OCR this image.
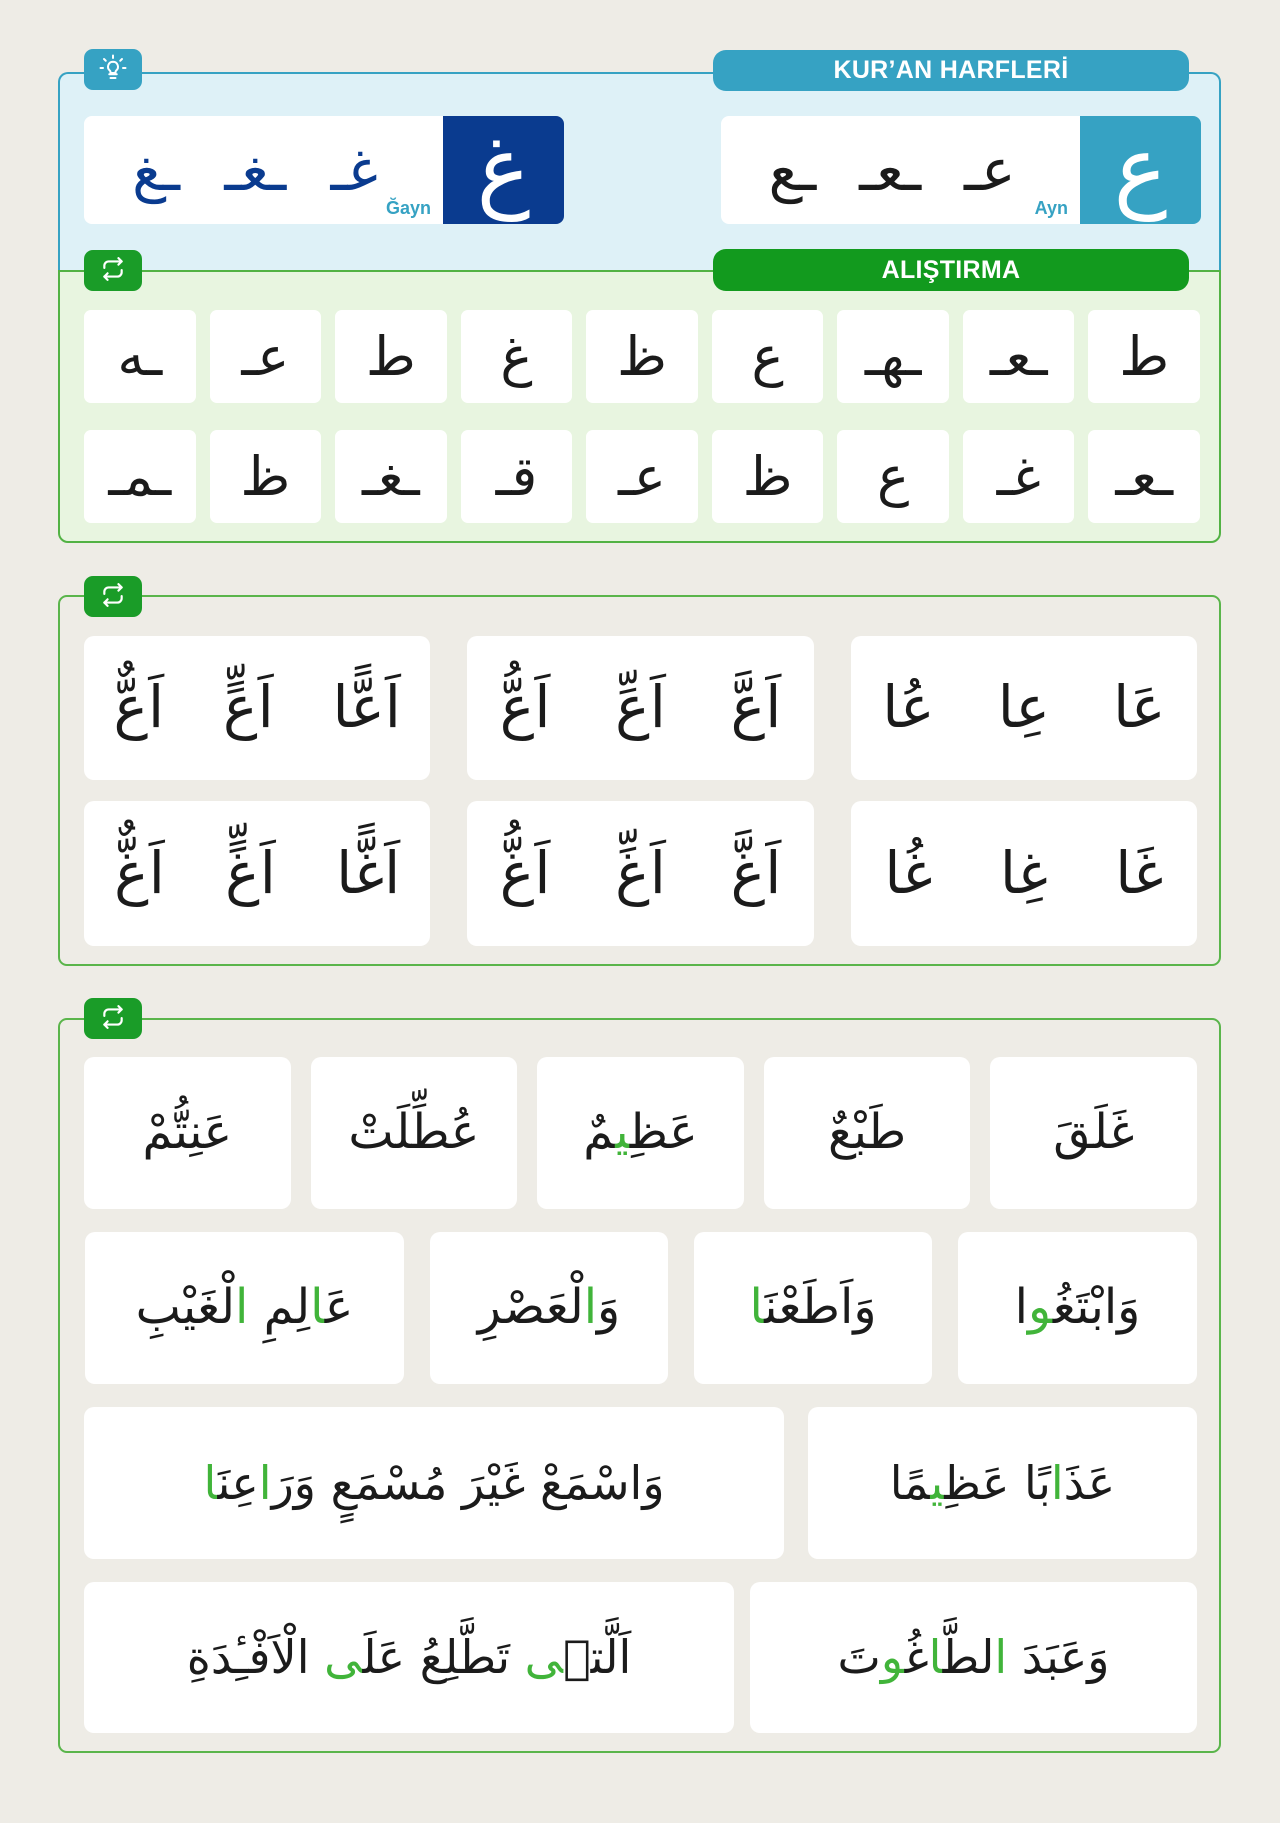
KUR’AN HARFLERİ
عـ
ـعـ
ـع
Ayn ع
غـ
ـغـ
ـغ
Ğayn غ
ALIŞTIRMA
ط
ـعـ
ـهـ
ع
ظ
غ
ط
عـ
ـه
ـعـ
غـ
ع
ظ
عـ
قـ
ـغـ
ظ
ـمـ
عَا
عِا
عُا
اَعَّ
اَعِّ
اَعُّ
اَعًّا
اَعٍّ
اَعٌّ
غَا
غِا
غُا
اَغَّ
اَغِّ
اَغُّ
اَغًّا
اَغٍّ
اَغٌّ
غَلَقَ
طَبْعٌ
عَظِيمٌ
عُطِّلَتْ
عَنِتُّمْ
وَابْتَغُوا
وَاَطَعْنَا
وَالْعَصْرِ
عَالِمِ الْغَيْبِ
عَذَابًا عَظِيمًا
وَاسْمَعْ غَيْرَ مُسْمَعٍ وَرَاعِنَا
وَعَبَدَ الطَّاغُوتَ
اَلَّتٖى تَطَّلِعُ عَلَى الْاَفْـِٔدَةِ
